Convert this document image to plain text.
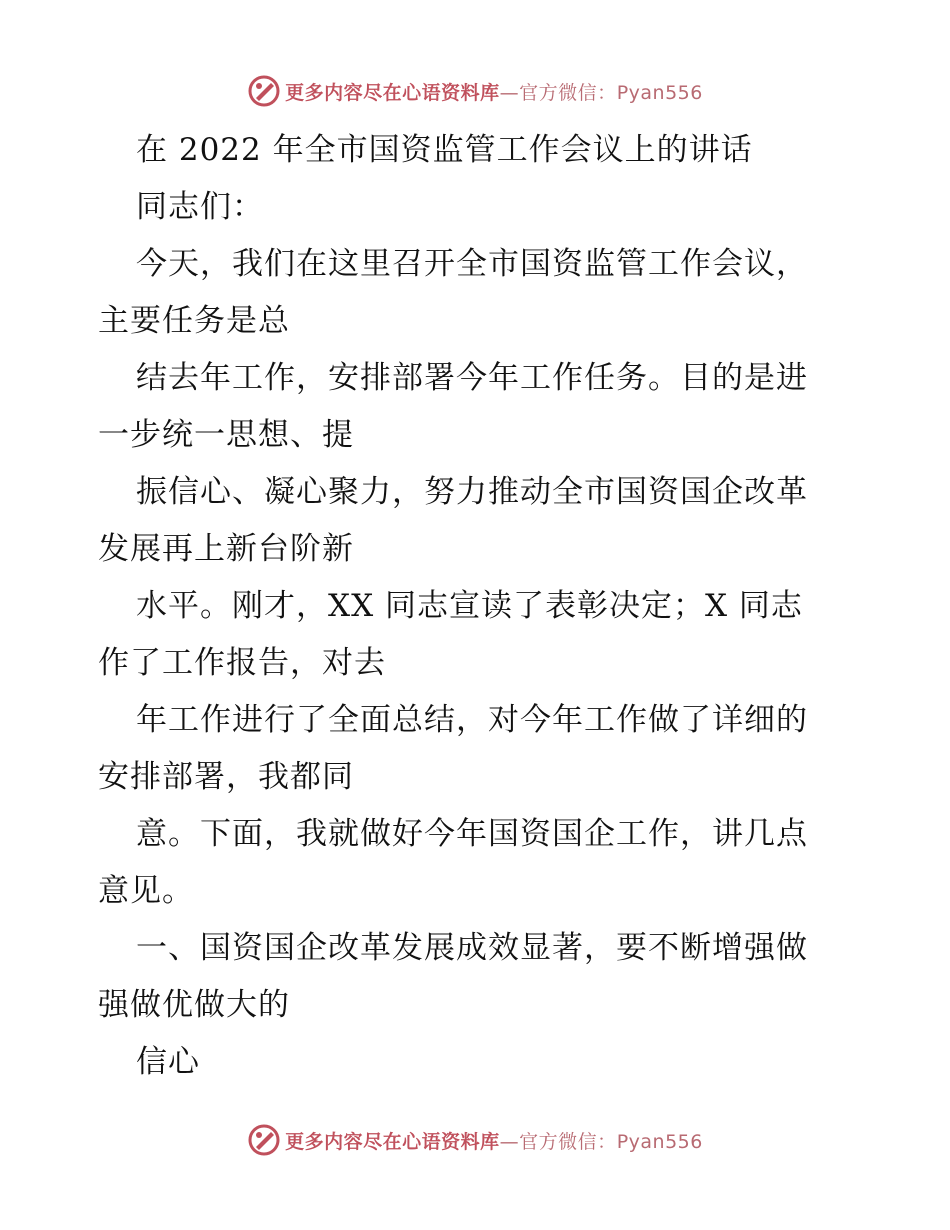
更多内容尽在心语资料库—官方微信：Pyan556
在 2022 年全市国资监管工作会议上的讲话
同志们：
今天，我们在这里召开全市国资监管工作会议，
主要任务是总
结去年工作，安排部署今年工作任务。目的是进
一步统一思想、提
振信心、凝心聚力，努力推动全市国资国企改革
发展再上新台阶新
水平。刚才，XX 同志宣读了表彰决定；X 同志
作了工作报告，对去
年工作进行了全面总结，对今年工作做了详细的
安排部署，我都同
意。下面，我就做好今年国资国企工作，讲几点
意见。
一、国资国企改革发展成效显著，要不断增强做
强做优做大的
信心
更多内容尽在心语资料库—官方微信：Pyan556
